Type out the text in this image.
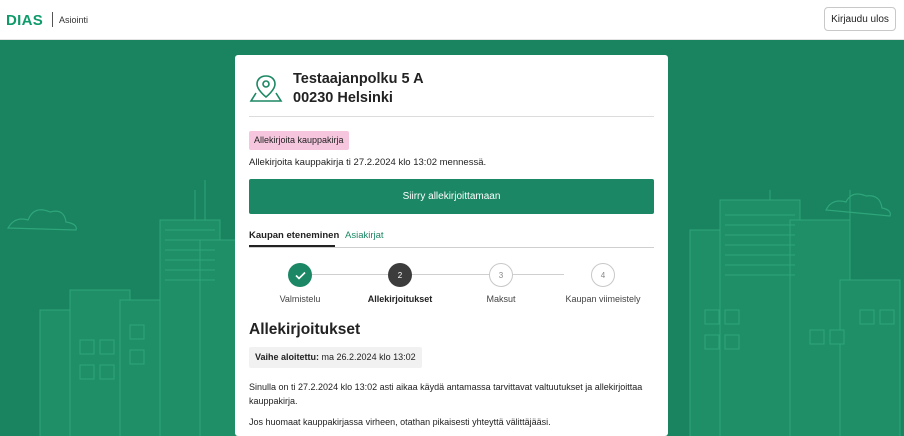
DIAS Asiointi	Kirjaudu ulos
Testaajanpolku 5 A
00230 Helsinki
Allekirjoita kauppakirja
Allekirjoita kauppakirja ti 27.2.2024 klo 13:02 mennessä.
Siirry allekirjoittamaan
Kaupan eteneminen Asiakirjat
2	3	4
Valmistelu	Allekirjoitukset	Maksut	Kaupan viimeistely
Allekirjoitukset
Vaihe aloitettu: ma 26.2.2024 klo 13:02
Sinulla on ti 27.2.2024 klo 13:02 asti aikaa käydä antamassa tarvittavat valtuutukset ja allekirjoittaa kauppakirja.
Jos huomaat kauppakirjassa virheen, otathan pikaisesti yhteyttä välittäjääsi.
